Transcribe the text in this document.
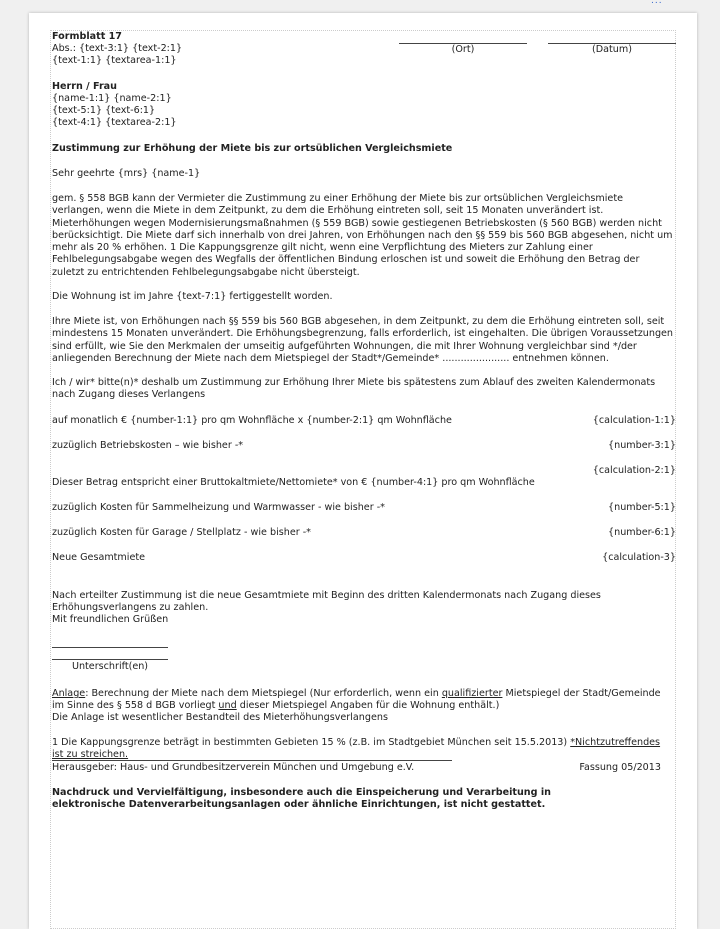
...
Formblatt 17
Abs.: {text-3:1} {text-2:1}
{text-1:1} {textarea-1:1}
(Ort)	(Datum)
Herrn / Frau
{name-1:1} {name-2:1}
{text-5:1} {text-6:1}
{text-4:1} {textarea-2:1}
Zustimmung zur Erhöhung der Miete bis zur ortsüblichen Vergleichsmiete
Sehr geehrte {mrs} {name-1}
gem. § 558 BGB kann der Vermieter die Zustimmung zu einer Erhöhung der Miete bis zur ortsüblichen Vergleichsmiete verlangen, wenn die Miete in dem Zeitpunkt, zu dem die Erhöhung eintreten soll, seit 15 Monaten unverändert ist. Mieterhöhungen wegen Modernisierungsmaßnahmen (§ 559 BGB) sowie gestiegenen Betriebskosten (§ 560 BGB) werden nicht berücksichtigt. Die Miete darf sich innerhalb von drei Jahren, von Erhöhungen nach den §§ 559 bis 560 BGB abgesehen, nicht um mehr als 20 % erhöhen. 1 Die Kappungsgrenze gilt nicht, wenn eine Verpflichtung des Mieters zur Zahlung einer Fehlbelegungsabgabe wegen des Wegfalls der öffentlichen Bindung erloschen ist und soweit die Erhöhung den Betrag der zuletzt zu entrichtenden Fehlbelegungsabgabe nicht übersteigt.
Die Wohnung ist im Jahre {text-7:1} fertiggestellt worden.
Ihre Miete ist, von Erhöhungen nach §§ 559 bis 560 BGB abgesehen, in dem Zeitpunkt, zu dem die Erhöhung eintreten soll, seit mindestens 15 Monaten unverändert. Die Erhöhungsbegrenzung, falls erforderlich, ist eingehalten. Die übrigen Voraussetzungen sind erfüllt, wie Sie den Merkmalen der umseitig aufgeführten Wohnungen, die mit Ihrer Wohnung vergleichbar sind */der anliegenden Berechnung der Miete nach dem Mietspiegel der Stadt*/Gemeinde* ...................... entnehmen können.
Ich / wir* bitte(n)* deshalb um Zustimmung zur Erhöhung Ihrer Miete bis spätestens zum Ablauf des zweiten Kalendermonats nach Zugang dieses Verlangens
auf monatlich € {number-1:1} pro qm Wohnfläche x {number-2:1} qm Wohnfläche	{calculation-1:1}
zuzüglich Betriebskosten – wie bisher -*	{number-3:1}
{calculation-2:1}
Dieser Betrag entspricht einer Bruttokaltmiete/Nettomiete* von € {number-4:1} pro qm Wohnfläche
zuzüglich Kosten für Sammelheizung und Warmwasser - wie bisher -*	{number-5:1}
zuzüglich Kosten für Garage / Stellplatz - wie bisher -*	{number-6:1}
Neue Gesamtmiete	{calculation-3}
Nach erteilter Zustimmung ist die neue Gesamtmiete mit Beginn des dritten Kalendermonats nach Zugang dieses Erhöhungsverlangens zu zahlen.
Mit freundlichen Grüßen
Unterschrift(en)
Anlage: Berechnung der Miete nach dem Mietspiegel (Nur erforderlich, wenn ein qualifizierter Mietspiegel der Stadt/Gemeinde im Sinne des § 558 d BGB vorliegt und dieser Mietspiegel Angaben für die Wohnung enthält.)
Die Anlage ist wesentlicher Bestandteil des Mieterhöhungsverlangens
1 Die Kappungsgrenze beträgt in bestimmten Gebieten 15 % (z.B. im Stadtgebiet München seit 15.5.2013) *Nichtzutreffendes ist zu streichen.
Herausgeber: Haus- und Grundbesitzerverein München und Umgebung e.V.	Fassung 05/2013
Nachdruck und Vervielfältigung, insbesondere auch die Einspeicherung und Verarbeitung in elektronische Datenverarbeitungsanlagen oder ähnliche Einrichtungen, ist nicht gestattet.
